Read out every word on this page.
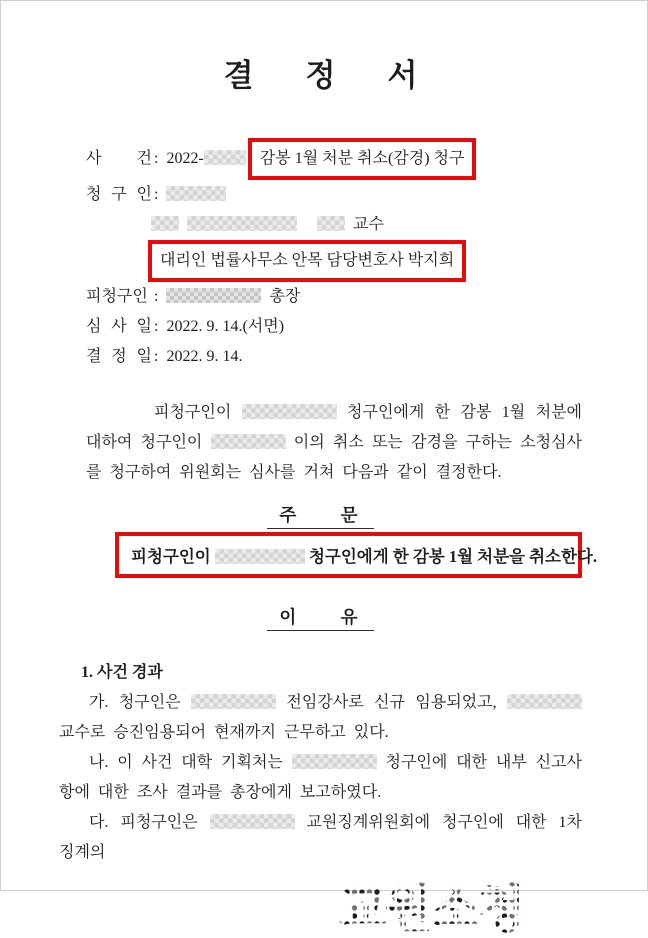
결정서
사 건 : 2022-	감봉 1월 처분 취소(감경) 청구
청 구 인 :
교수
대리인 법률사무소 안목 담당변호사 박지희
피청구인 :	총장
심 사 일 : 2022. 9. 14.(서면)
결 정 일 : 2022. 9. 14.

피청구인이	청구인에게 한 감봉 1월 처분에 대하여 청구인이	이의 취소 또는 감경을 구하는 소청심사를 청구하여 위원회는 심사를 거쳐 다음과 같이 결정한다.

주 문
피청구인이	청구인에게 한 감봉 1월 처분을 취소한다.
이 유

1. 사건 경과

가. 청구인은	전임강사로 신규 임용되었고,  교수로 승진임용되어 현재까지 근무하고 있다.

나. 이 사건 대학 기획처는	청구인에 대한 내부 신고사항에 대한 조사 결과를 총장에게 보고하였다.

다. 피청구인은	교원징계위원회에 청구인에 대한 1차 징계의
